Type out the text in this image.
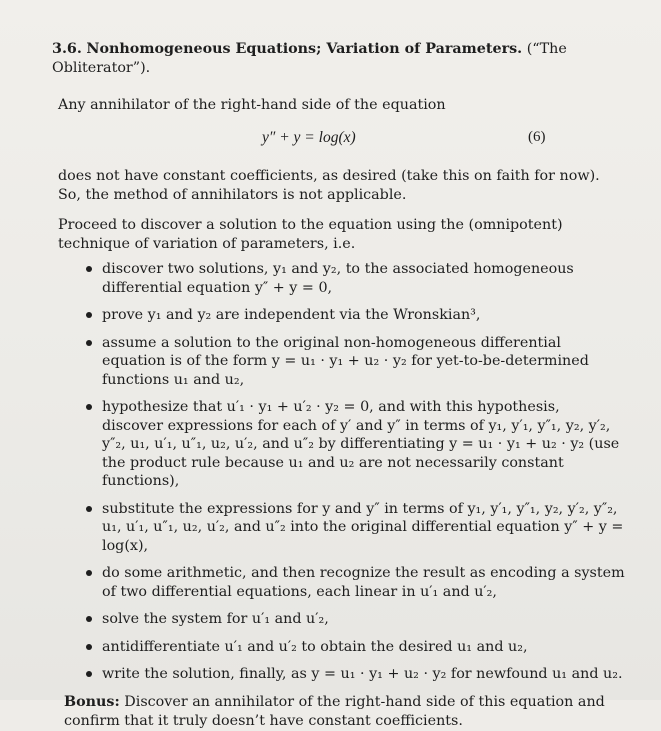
3.6. Nonhomogeneous Equations; Variation of Parameters. (“The Obliterator”).

Any annihilator of the right-hand side of the equation

y″ + y = log(x)	(6)

does not have constant coefficients, as desired (take this on faith for now). So, the method of annihilators is not applicable.

Proceed to discover a solution to the equation using the (omnipotent) technique of variation of parameters, i.e.

discover two solutions, y₁ and y₂, to the associated homogeneous differential equation y″ + y = 0,
prove y₁ and y₂ are independent via the Wronskian³,
assume a solution to the original non-homogeneous differential equation is of the form y = u₁ · y₁ + u₂ · y₂ for yet-to-be-determined functions u₁ and u₂,
hypothesize that u′₁ · y₁ + u′₂ · y₂ = 0, and with this hypothesis, discover expressions for each of y′ and y″ in terms of y₁, y′₁, y″₁, y₂, y′₂, y″₂, u₁, u′₁, u″₁, u₂, u′₂, and u″₂ by differentiating y = u₁ · y₁ + u₂ · y₂ (use the product rule because u₁ and u₂ are not necessarily constant functions),
substitute the expressions for y and y″ in terms of y₁, y′₁, y″₁, y₂, y′₂, y″₂, u₁, u′₁, u″₁, u₂, u′₂, and u″₂ into the original differential equation y″ + y = log(x),
do some arithmetic, and then recognize the result as encoding a system of two differential equations, each linear in u′₁ and u′₂,
solve the system for u′₁ and u′₂,
antidifferentiate u′₁ and u′₂ to obtain the desired u₁ and u₂,
write the solution, finally, as y = u₁ · y₁ + u₂ · y₂ for newfound u₁ and u₂.

Bonus: Discover an annihilator of the right-hand side of this equation and confirm that it truly doesn’t have constant coefficients.
